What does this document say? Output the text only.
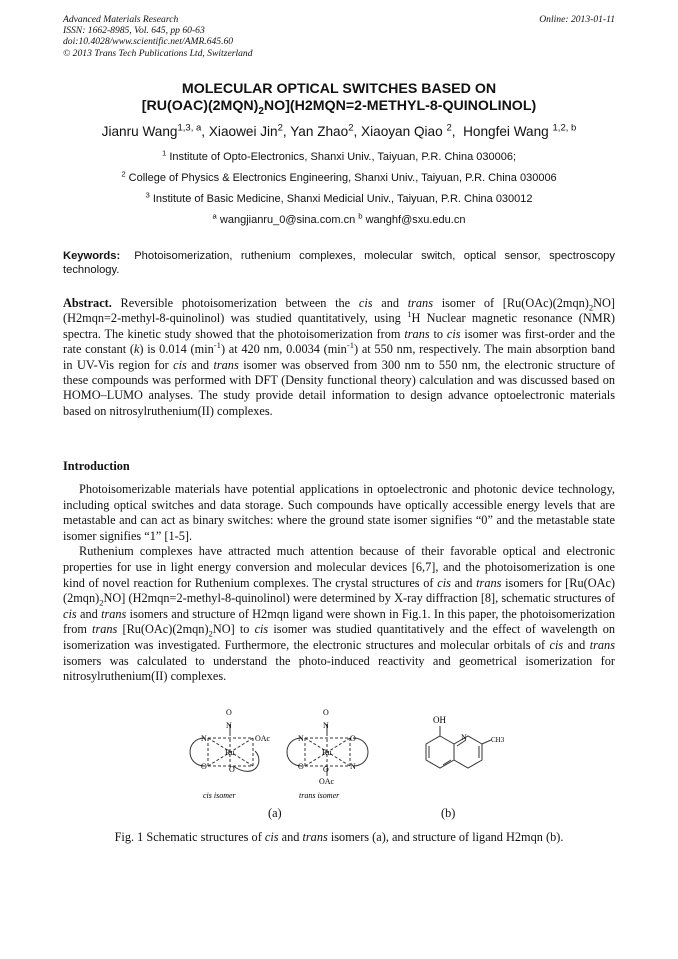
Advanced Materials Research
ISSN: 1662-8985, Vol. 645, pp 60-63
doi:10.4028/www.scientific.net/AMR.645.60
© 2013 Trans Tech Publications Ltd, Switzerland
Online: 2013-01-11
MOLECULAR OPTICAL SWITCHES BASED ON
$[RU(OAC)(2MQN)_2NO](H2MQN=2-METHYL-8-QUINOLINOL)$
Jianru Wang$^{1,3, a}$, Xiaowei Jin$^2$, Yan Zhao$^2$, Xiaoyan Qiao $^2$,  Hongfei Wang $^{1,2, b}$
$^1$ Institute of Opto-Electronics, Shanxi Univ., Taiyuan, P.R. China 030006;
$^2$ College of Physics & Electronics Engineering, Shanxi Univ., Taiyuan, P.R. China 030006
$^3$ Institute of Basic Medicine, Shanxi Medicial Univ., Taiyuan, P.R. China 030012
$^a$ wangjianru_0@sina.com.cn $^b$ wanghf@sxu.edu.cn
Keywords: Photoisomerization, ruthenium complexes, molecular switch, optical sensor, spectroscopy technology.
Abstract. Reversible photoisomerization between the cis and trans isomer of $[Ru(OAc)(2mqn)_2NO]$ (H2mqn=2-methyl-8-quinolinol) was studied quantitatively, using $^1$H Nuclear magnetic resonance (NMR) spectra. The kinetic study showed that the photoisomerization from trans to cis isomer was first-order and the rate constant (k) is 0.014 $(\min^{-1})$ at 420 nm, 0.0034 $(\min^{-1})$ at 550 nm, respectively. The main absorption band in UV-Vis region for cis and trans isomer was observed from 300 nm to 550 nm, the electronic structure of these compounds was performed with DFT (Density functional theory) calculation and was discussed based on HOMO–LUMO analyses. The study provide detail information to design advance optoelectronic materials based on nitrosylruthenium(II) complexes.
Introduction

Photoisomerizable materials have potential applications in optoelectronic and photonic device technology, including optical switches and data storage. Such compounds have optically accessible energy levels that are metastable and can act as binary switches: where the ground state isomer signifies “0” and the metastable state isomer signifies “1” [1-5].

Ruthenium complexes have attracted much attention because of their favorable optical and electronic properties for use in light energy conversion and molecular devices [6,7], and the photoisomerization is one kind of novel reaction for Ruthenium complexes. The crystal structures of cis and trans isomers for $[Ru(OAc)(2mqn)_2NO]$ (H2mqn=2-methyl-8-quinolinol) were determined by X-ray diffraction [8], schematic structures of cis and trans isomers and structure of H2mqn ligand were shown in Fig.1. In this paper, the photoisomerization from trans $[Ru(OAc)(2mqn)_2NO]$ to cis isomer was studied quantitatively and the effect of wavelength on isomerization was investigated. Furthermore, the electronic structures and molecular orbitals of cis and trans isomers was calculated to understand the photo-induced reactivity and geometrical isomerization for nitrosylruthenium(II) complexes.

O
N
Ru
OAc
N
O	O
cis isomer
O
N
Ru
N
O
O
N
O
OAc
trans isomer
OH
N	CH3
(a)	(b)
Fig. 1 Schematic structures of cis and trans isomers (a), and structure of ligand H2mqn (b).
